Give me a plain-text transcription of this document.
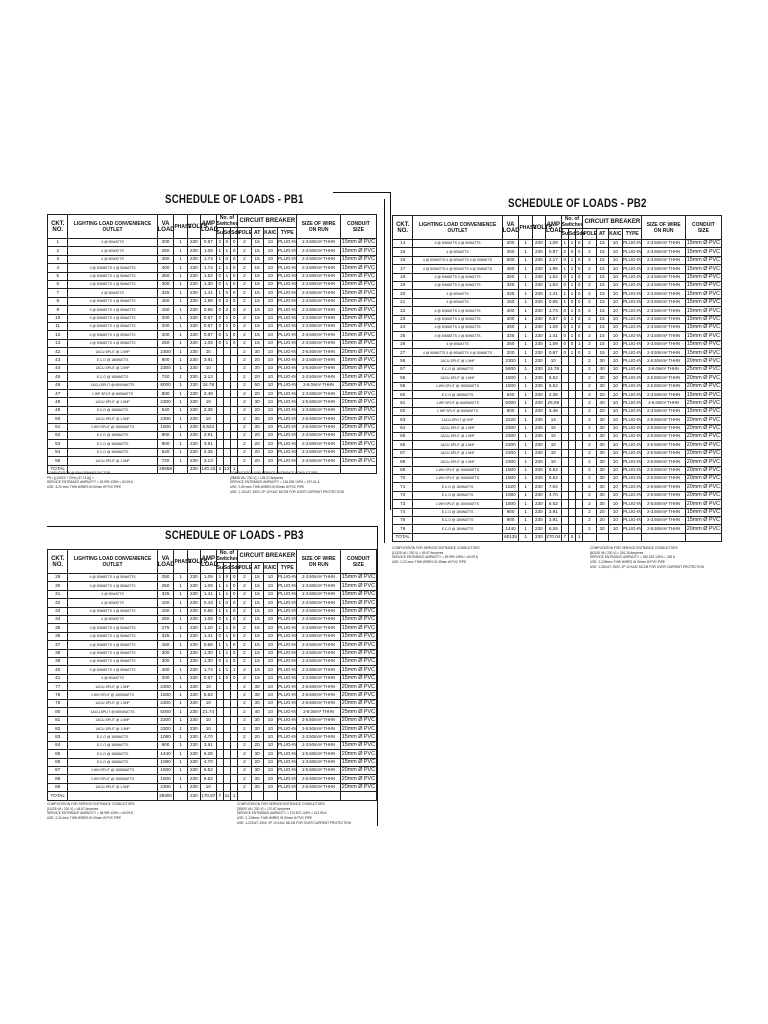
SCHEDULE OF LOADS - PB1
CKT. NO.	LIGHTING LOAD CONVENIENCE OUTLET	VA LOAD	PHASE	VOLTS	AMP LOAD	No. of Switches			CIRCUIT BREAKER				SIZE OF WIRE ON RUN	CONDUIT SIZE
						Su	Sd	Sds	POLE	AT	KAIC	TYPE		
1	4 @ 50WATTS	200	1	230	0.87	2	0	0	2	15	10	PLUG-IN	2-3.50mm² THHN	15mm Ø PVC
2	4 @ 50WATTS	250	1	230	1.09	1	1	0	2	15	10	PLUG-IN	2-3.50mm² THHN	15mm Ø PVC
3	4 @ 50WATTS	400	1	230	1.74	1	0	0	2	15	10	PLUG-IN	2-3.50mm² THHN	15mm Ø PVC
4	4 @ 50WATTS 4 @ 50WATTS	400	1	230	1.74	1	1	0	2	15	10	PLUG-IN	2-3.50mm² THHN	15mm Ø PVC
5	4 @ 50WATTS 4 @ 50WATTS	350	1	230	1.52	0	1	0	2	15	10	PLUG-IN	2-3.50mm² THHN	15mm Ø PVC
6	4 @ 50WATTS 4 @ 50WATTS	300	1	230	1.30	0	1	0	2	15	10	PLUG-IN	2-3.50mm² THHN	15mm Ø PVC
7	4 @ 50WATTS	325	1	230	1.41	1	0	0	2	15	10	PLUG-IN	2-3.50mm² THHN	15mm Ø PVC
8	4 @ 50WATTS 4 @ 50WATTS	450	1	230	1.96	0	2	0	2	15	10	PLUG-IN	2-3.50mm² THHN	15mm Ø PVC
9	4 @ 50WATTS 4 @ 50WATTS	150	1	230	0.65	0	2	0	2	15	10	PLUG-IN	2-3.50mm² THHN	15mm Ø PVC
10	4 @ 50WATTS 4 @ 50WATTS	200	1	230	0.87	0	1	0	2	15	10	PLUG-IN	2-3.50mm² THHN	15mm Ø PVC
11	4 @ 50WATTS 4 @ 50WATTS	200	1	230	0.87	0	1	0	2	15	10	PLUG-IN	2-3.50mm² THHN	15mm Ø PVC
12	4 @ 50WATTS 4 @ 50WATTS	200	1	230	0.87	0	1	0	2	15	10	PLUG-IN	2-3.50mm² THHN	15mm Ø PVC
13	4 @ 50WATTS 4 @ 50WATTS	250	1	230	1.09	0	1	0	2	15	10	PLUG-IN	2-3.50mm² THHN	15mm Ø PVC
42	1ACU-SPLIT @ 1.5HP	2300	1	230	10				2	30	10	PLUG-IN	2-5.50mm² THHN	20mm Ø PVC
43	E.C.O @ 180WATTS	900	1	230	3.91				2	20	10	PLUG-IN	2-3.50mm² THHN	15mm Ø PVC
44	1ACU-SPLIT @ 1.5HP	2300	1	230	10				2	30	10	PLUG-IN	2-5.50mm² THHN	20mm Ø PVC
45	E.C.O @ 180WATTS	720	1	230	3.13				2	20	10	PLUG-IN	2-3.50mm² THHN	15mm Ø PVC
46	1ACU-SPLIT @ 6000WATTS	8000	1	230	34.78				2	50	10	PLUG-IN	2-8.0mm² THHN	25mm Ø PVC
47	1 WP SPLIT @ 800WATTS	800	1	230	3.48				2	20	10	PLUG-IN	2-3.50mm² THHN	15mm Ø PVC
48	1ACU-SPLIT @ 1.5HP	2300	1	230	10				2	30	10	PLUG-IN	2-5.50mm² THHN	20mm Ø PVC
49	E.C.O @ 180WATTS	540	1	230	2.35				2	20	10	PLUG-IN	2-3.50mm² THHN	15mm Ø PVC
50	1ACU-SPLIT @ 1.5HP	2300	1	230	10				2	30	10	PLUG-IN	2-5.50mm² THHN	20mm Ø PVC
51	1 WH SPLIT @ 1500WATTS	1500	1	230	6.522				2	30	10	PLUG-IN	2-5.50mm² THHN	20mm Ø PVC
52	E.C.O @ 180WATTS	900	1	230	3.91				2	20	10	PLUG-IN	2-3.50mm² THHN	15mm Ø PVC
53	E.C.O @ 180WATTS	900	1	230	3.91				2	20	10	PLUG-IN	2-3.50mm² THHN	15mm Ø PVC
54	E.C.O @ 180WATTS	540	1	230	2.35				2	20	10	PLUG-IN	2-3.50mm² THHN	15mm Ø PVC
55	1ACU-SPLIT @ 1.5HP	720	1	230	3.13				2	20	10	PLUG-IN	2-3.50mm² THHN	15mm Ø PVC
TOTAL		28858		230	140.23	4	12	1						
COMPUTATION @ 80% DEMAND FACTOR
P5 = [(10023 + 20%) (37.74 A)] =
SERVICE ENTRANCE AMPACITY = 40.999 125% = 60.09 A
USE: 3-22 mm² THW WIRES IN 50mm Ø PVC PIPE
COMPUTATION FOR SERVICE ENTRANCE CONDUCTORS
[28858 VA / 230 V] = 125.47 Amperes
SERVICE ENTRANCE AMPACITY = 126.035 125% = 157.61 A
USE: 2-50 mm² THW WIRES IN 50mm Ø PVC PIPE
USE: 1-100 AT, 250V, 2P 10 KAIC MCCB FOR OVER CURRENT PROTECTION
SCHEDULE OF LOADS - PB2
CKT. NO.	LIGHTING LOAD CONVENIENCE OUTLET	VA LOAD	PHASE	VOLTS	AMP LOAD	No. of Switches			CIRCUIT BREAKER				SIZE OF WIRE ON RUN	CONDUIT SIZE
						Su	Sd	Sds	POLE	AT	KAIC	TYPE		
14	4 @ 50WATTS 4 @ 50WATTS	200	1	230	1.09	1	1	0	2	15	10	PLUG-IN	2-3.50mm² THHN	15mm Ø PVC
15	4 @ 50WATTS	200	1	230	0.87	2	0	0	2	15	10	PLUG-IN	2-3.50mm² THHN	15mm Ø PVC
16	4 @ 50WATTS 4 @ 50WATTS 4 @ 50WATTS	500	1	230	2.17	0	1	0	2	15	10	PLUG-IN	2-3.50mm² THHN	15mm Ø PVC
17	4 @ 50WATTS 4 @ 50WATTS 4 @ 50WATTS	450	1	230	1.96	1	1	0	2	15	10	PLUG-IN	2-3.50mm² THHN	15mm Ø PVC
18	4 @ 50WATTS 4 @ 50WATTS	350	1	230	1.52	0	1	0	2	15	10	PLUG-IN	2-3.50mm² THHN	15mm Ø PVC
19	4 @ 50WATTS 4 @ 50WATTS	325	1	230	1.63	0	1	0	2	15	10	PLUG-IN	2-3.50mm² THHN	15mm Ø PVC
20	4 @ 50WATTS	325	1	230	1.41	1	1	0	2	15	10	PLUG-IN	2-3.50mm² THHN	15mm Ø PVC
21	4 @ 50WATTS	150	1	230	0.65	1	0	0	2	15	10	PLUG-IN	2-3.50mm² THHN	15mm Ø PVC
22	4 @ 50WATTS 4 @ 50WATTS	400	1	230	1.74	0	1	0	2	15	10	PLUG-IN	2-3.50mm² THHN	15mm Ø PVC
23	4 @ 50WATTS 4 @ 50WATTS	200	1	230	0.87	0	1	0	2	15	10	PLUG-IN	2-3.50mm² THHN	15mm Ø PVC
24	4 @ 50WATTS 4 @ 50WATTS	250	1	230	1.09	0	1	0	2	15	10	PLUG-IN	2-3.50mm² THHN	15mm Ø PVC
25	4 @ 50WATTS 4 @ 50WATTS	325	1	230	1.41	0	1	0	2	15	10	PLUG-IN	2-3.50mm² THHN	15mm Ø PVC
26	4 @ 50WATTS	250	1	230	1.09	0	0	1	2	15	10	PLUG-IN	2-3.50mm² THHN	15mm Ø PVC
27	4 @ 50WATTS 4 @ 50WATTS 4 @ 50WATTS	200	1	230	0.87	0	1	0	2	15	10	PLUG-IN	2-3.50mm² THHN	15mm Ø PVC
56	1ACU-SPLIT @ 1.5HP	2300	1	230	10				2	30	10	PLUG-IN	2-5.50mm² THHN	20mm Ø PVC
57	E.C.O @ 180WATTS	5600	1	230	24.78				2	40	10	PLUG-IN	2-8.0mm² THHN	25mm Ø PVC
58	1ACU-SPLIT @ 1.5HP	1500	1	230	6.52				2	30	10	PLUG-IN	2-5.50mm² THHN	20mm Ø PVC
59	1 WH SPLIT @ 1500WATTS	1500	1	230	6.52				2	30	10	PLUG-IN	2-5.50mm² THHN	20mm Ø PVC
60	E.C.O @ 180WATTS	540	1	230	2.35				2	20	10	PLUG-IN	2-3.50mm² THHN	15mm Ø PVC
61	1 WP SPLIT @ 6000WATTS	6000	1	230	26.09				2	40	10	PLUG-IN	2-8.0mm² THHN	25mm Ø PVC
62	1 WP SPLIT @ 800WATTS	800	1	230	3.48				2	20	10	PLUG-IN	2-3.50mm² THHN	15mm Ø PVC
63	1ACU-SPLIT @ 2HP	3220	1	230	14				2	30	10	PLUG-IN	2-5.50mm² THHN	20mm Ø PVC
64	1ACU-SPLIT @ 1.5HP	2300	1	230	10				2	30	10	PLUG-IN	2-5.50mm² THHN	20mm Ø PVC
65	1ACU-SPLIT @ 1.5HP	2300	1	230	10				2	30	10	PLUG-IN	2-5.50mm² THHN	20mm Ø PVC
66	1ACU-SPLIT @ 1.5HP	2300	1	230	10				2	30	10	PLUG-IN	2-5.50mm² THHN	20mm Ø PVC
67	1ACU-SPLIT @ 1.5HP	2300	1	230	10				2	30	10	PLUG-IN	2-5.50mm² THHN	20mm Ø PVC
68	1ACU-SPLIT @ 1.5HP	2300	1	230	10				2	30	10	PLUG-IN	2-5.50mm² THHN	20mm Ø PVC
69	1 WH SPLIT @ 1500WATTS	1500	1	230	6.52				2	30	10	PLUG-IN	2-5.50mm² THHN	20mm Ø PVC
70	1 WH SPLIT @ 1500WATTS	1500	1	230	6.52				2	30	10	PLUG-IN	2-5.50mm² THHN	20mm Ø PVC
71	E.C.O @ 180WATTS	1620	1	230	7.04				2	30	10	PLUG-IN	2-5.50mm² THHN	20mm Ø PVC
72	E.C.O @ 180WATTS	1080	1	230	4.70				2	30	10	PLUG-IN	2-5.50mm² THHN	20mm Ø PVC
73	1 WH SPLIT @ 1500WATTS	1500	1	230	6.52				2	30	10	PLUG-IN	2-5.50mm² THHN	20mm Ø PVC
74	E.C.O @ 180WATTS	900	1	230	3.91				2	20	10	PLUG-IN	2-3.50mm² THHN	15mm Ø PVC
75	E.C.O @ 180WATTS	900	1	230	3.91				2	20	10	PLUG-IN	2-3.50mm² THHN	15mm Ø PVC
76	E.C.O @ 180WATTS	1440	1	230	6.26				2	30	10	PLUG-IN	2-5.50mm² THHN	20mm Ø PVC
TOTAL		60135	1	230	270.04	7	3	1						
COMPUTATION FOR SERVICE ENTRANCE CONDUCTORS
[11325 VA / 230 V] = 49.67 Amperes
SERVICE ENTRANCE AMPACITY = 49.999 125% = 62.09 A
USE: 2-22 mm² THW WIRES IN 25mm Ø PVC PIPE
COMPUTATION FOR SERVICE ENTRANCE CONDUCTORS
[60135 VA / 230 V] = 261.26 Amperes
SERVICE ENTRANCE AMPACITY = 260.029 125% = 326 A
USE: 2-125mm² THW WIRES IN 50mm Ø PVC PIPE
USE: 1-300 AT, 250V, 2P 10 KAIC MCCB FOR OVER CURRENT PROTECTION
SCHEDULE OF LOADS - PB3
CKT. NO.	LIGHTING LOAD CONVENIENCE OUTLET	VA LOAD	PHASE	VOLTS	AMP LOAD	No. of Switches			CIRCUIT BREAKER				SIZE OF WIRE ON RUN	CONDUIT SIZE
						Su	Sd	Sds	POLE	AT	KAIC	TYPE		
29	4 @ 50WATTS 4 @ 50WATTS	250	1	230	1.09	1	0	0	2	15	10	PLUG-IN	2-3.50mm² THHN	15mm Ø PVC
30	4 @ 50WATTS 4 @ 50WATTS	250	1	230	1.09	1	1	0	2	15	10	PLUG-IN	2-3.50mm² THHN	15mm Ø PVC
31	4 @ 50WATTS	325	1	230	1.41	1	1	0	2	15	10	PLUG-IN	2-3.50mm² THHN	15mm Ø PVC
32	4 @ 50WATTS	100	1	230	0.43	1	0	0	2	15	10	PLUG-IN	2-3.50mm² THHN	15mm Ø PVC
33	4 @ 50WATTS 4 @ 50WATTS	150	1	230	0.65	1	1	0	2	15	10	PLUG-IN	2-3.50mm² THHN	15mm Ø PVC
34	4 @ 50WATTS	250	1	230	1.09	0	1	0	2	15	10	PLUG-IN	2-3.50mm² THHN	15mm Ø PVC
35	4 @ 50WATTS 4 @ 50WATTS	275	1	230	1.20	1	1	0	2	15	10	PLUG-IN	2-3.50mm² THHN	15mm Ø PVC
36	4 @ 50WATTS 4 @ 50WATTS	325	1	230	1.41	0	1	0	2	15	10	PLUG-IN	2-3.50mm² THHN	15mm Ø PVC
37	4 @ 50WATTS 4 @ 50WATTS	150	1	230	0.65	1	1	0	2	15	10	PLUG-IN	2-3.50mm² THHN	15mm Ø PVC
38	4 @ 50WATTS 4 @ 50WATTS	300	1	230	1.30	1	1	0	2	15	10	PLUG-IN	2-3.50mm² THHN	15mm Ø PVC
39	4 @ 50WATTS 4 @ 50WATTS	300	1	230	1.30	0	1	0	2	15	10	PLUG-IN	2-3.50mm² THHN	15mm Ø PVC
40	4 @ 50WATTS 4 @ 50WATTS	400	1	230	1.74	1	1	1	2	15	10	PLUG-IN	2-3.50mm² THHN	15mm Ø PVC
41	4 @ 50WATTS	200	1	230	0.87	1	0	0	2	15	10	PLUG-IN	2-3.50mm² THHN	15mm Ø PVC
77	1ACU-SPLIT @ 1.5HP	2300	1	230	10				2	30	10	PLUG-IN	2-5.50mm² THHN	20mm Ø PVC
78	1 WH SPLIT @ 1500WATTS	1500	1	230	6.52				2	30	10	PLUG-IN	2-5.50mm² THHN	20mm Ø PVC
79	1ACU-SPLIT @ 1.5HP	2300	1	230	10				2	30	10	PLUG-IN	2-5.50mm² THHN	20mm Ø PVC
80	1ACU-SPLIT @ 6000WATTS	5000	1	230	21.74				2	40	10	PLUG-IN	2-8.0mm² THHN	25mm Ø PVC
81	1ACU-SPLIT @ 1.5HP	2300	1	230	10				2	30	10	PLUG-IN	2-5.50mm² THHN	20mm Ø PVC
82	1ACU-SPLIT @ 1.5HP	2300	1	230	10				2	30	10	PLUG-IN	2-5.50mm² THHN	20mm Ø PVC
83	E.C.O @ 180WATTS	1080	1	230	4.70				2	20	10	PLUG-IN	2-3.50mm² THHN	15mm Ø PVC
84	E.C.O @ 180WATTS	900	1	230	3.91				2	20	10	PLUG-IN	2-3.50mm² THHN	15mm Ø PVC
85	E.C.O @ 180WATTS	1440	1	230	6.26				2	30	10	PLUG-IN	2-5.50mm² THHN	20mm Ø PVC
86	E.C.O @ 180WATTS	1080	1	230	4.70				2	20	10	PLUG-IN	2-3.50mm² THHN	15mm Ø PVC
87	1 WH SPLIT @ 1500WATTS	1500	1	230	6.52				2	30	10	PLUG-IN	2-5.50mm² THHN	20mm Ø PVC
88	1 WH SPLIT @ 1500WATTS	1500	1	230	6.52				2	30	10	PLUG-IN	2-5.50mm² THHN	20mm Ø PVC
89	1ACU-SPLIT @ 1.5HP	2300	1	230	10				2	30	10	PLUG-IN	2-5.50mm² THHN	20mm Ø PVC
TOTAL		39300		230	170.87	7	11	1						
COMPUTATION FOR SERVICE ENTRANCE CONDUCTORS
[11025 VA / 230 V] = 48.67 Amperes
SERVICE ENTRANCE AMPACITY = 48.999 125% = 60.09 A
USE: 2-22 mm² THW WIRES IN 25mm Ø PVC PIPE
COMPUTATION FOR SERVICE ENTRANCE CONDUCTORS
[39300 VA / 230 V] = 170.87 Amperes
SERVICE ENTRANCE AMPACITY = 170.870 125% = 213.59 A
USE: 2-100mm² THW WIRES IN 50mm Ø PVC PIPE
USE: 1-225 AT, 250V, 2P 10 KAIC MCCB FOR OVER CURRENT PROTECTION
